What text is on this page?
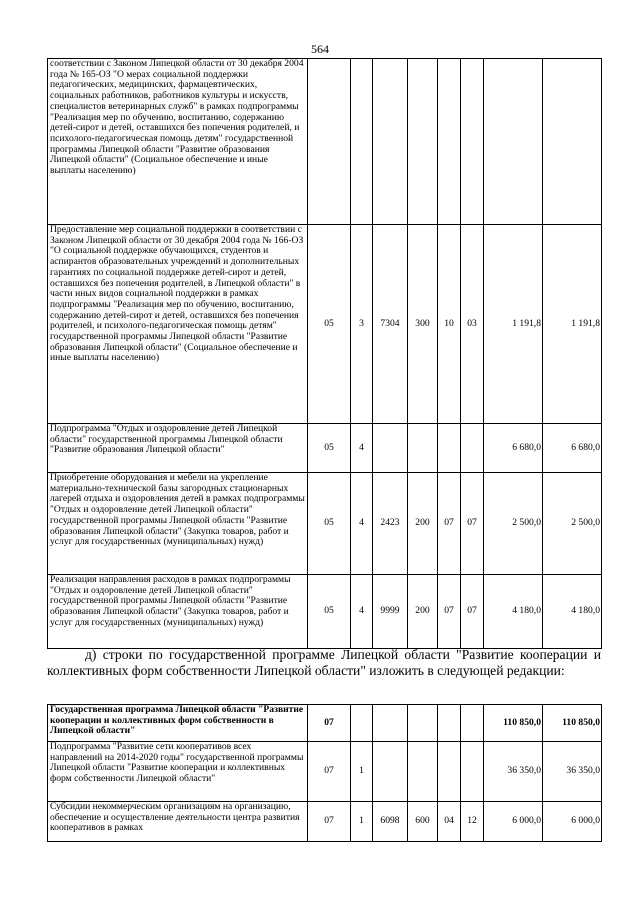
564
соответствии с Законом Липецкой области от 30 декабря 2004 года № 165-ОЗ "О мерах социальной поддержки педагогических, медицинских, фармацевтических, социальных работников, работников культуры и искусств, специалистов ветеринарных служб" в рамках подпрограммы "Реализация мер по обучению, воспитанию, содержанию детей-сирот и детей, оставшихся без попечения родителей, и психолого-педагогическая помощь детям" государственной программы Липецкой области "Развитие образования Липецкой области" (Социальное обеспечение и иные выплаты населению)								
Предоставление мер социальной поддержки в соответствии с Законом Липецкой области от 30 декабря 2004 года № 166-ОЗ "О социальной поддержке обучающихся, студентов и аспирантов образовательных учреждений и дополнительных гарантиях по социальной поддержке детей-сирот и детей, оставшихся без попечения родителей, в Липецкой области" в части иных видов социальной поддержки в рамках подпрограммы "Реализация мер по обучению, воспитанию, содержанию детей-сирот и детей, оставшихся без попечения родителей, и психолого-педагогическая помощь детям" государственной программы Липецкой области "Развитие образования Липецкой области" (Социальное обеспечение и иные выплаты населению)	05	3	7304	300	10	03	1 191,8	1 191,8
Подпрограмма "Отдых и оздоровление детей Липецкой области" государственной программы Липецкой области "Развитие образования Липецкой области"	05	4					6 680,0	6 680,0
Приобретение оборудования и мебели на укрепление материально-технической базы загородных стационарных лагерей отдыха и оздоровления детей в рамках подпрограммы "Отдых и оздоровление детей Липецкой области" государственной программы Липецкой области "Развитие образования Липецкой области" (Закупка товаров, работ и услуг для государственных (муниципальных) нужд)	05	4	2423	200	07	07	2 500,0	2 500,0
Реализация направления расходов в рамках подпрограммы "Отдых и оздоровление детей Липецкой области" государственной программы Липецкой области "Развитие образования Липецкой области" (Закупка товаров, работ и услуг для государственных (муниципальных) нужд)	05	4	9999	200	07	07	4 180,0	4 180,0
д) строки по государственной программе Липецкой области "Развитие кооперации и коллективных форм собственности Липецкой области" изложить в следующей редакции:
Государственная программа Липецкой области "Развитие кооперации и коллективных форм собственности в Липецкой области"	07						110 850,0	110 850,0
Подпрограмма "Развитие сети кооперативов всех направлений на 2014-2020 годы" государственной программы Липецкой области "Развитие кооперации и коллективных форм собственности Липецкой области"	07	1					36 350,0	36 350,0
Субсидии некоммерческим организациям на организацию, обеспечение и осуществление деятельности центра развития кооперативов в рамках	07	1	6098	600	04	12	6 000,0	6 000,0
